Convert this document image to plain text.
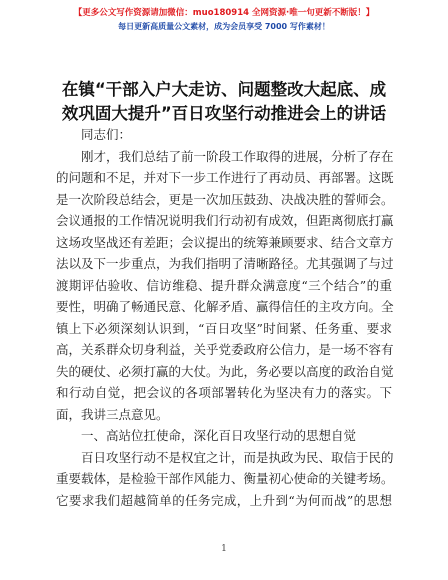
【更多公文写作资源请加微信：muo180914 全网资源·唯一句更新不断版！】
每日更新高质量公文素材，成为会员享受 7000 写作素材！
在镇“干部入户大走访、问题整改大起底、成
效巩固大提升”百日攻坚行动推进会上的讲话
同志们：
刚才，我们总结了前一阶段工作取得的进展，分析了存在
的问题和不足，并对下一步工作进行了再动员、再部署。这既
是一次阶段总结会，更是一次加压鼓劲、决战决胜的誓师会。
会议通报的工作情况说明我们行动初有成效，但距离彻底打赢
这场攻坚战还有差距；会议提出的统筹兼顾要求、结合文章方
法以及下一步重点，为我们指明了清晰路径。尤其强调了与过
渡期评估验收、信访维稳、提升群众满意度“三个结合”的重
要性，明确了畅通民意、化解矛盾、赢得信任的主攻方向。全
镇上下必须深刻认识到，“百日攻坚”时间紧、任务重、要求
高，关系群众切身利益，关乎党委政府公信力，是一场不容有
失的硬仗、必须打赢的大仗。为此，务必要以高度的政治自觉
和行动自觉，把会议的各项部署转化为坚决有力的落实。下
面，我讲三点意见。
一、高站位扛使命，深化百日攻坚行动的思想自觉
百日攻坚行动不是权宜之计，而是执政为民、取信于民的
重要载体，是检验干部作风能力、衡量初心使命的关键考场。
它要求我们超越简单的任务完成，上升到“为何而战”的思想
1
